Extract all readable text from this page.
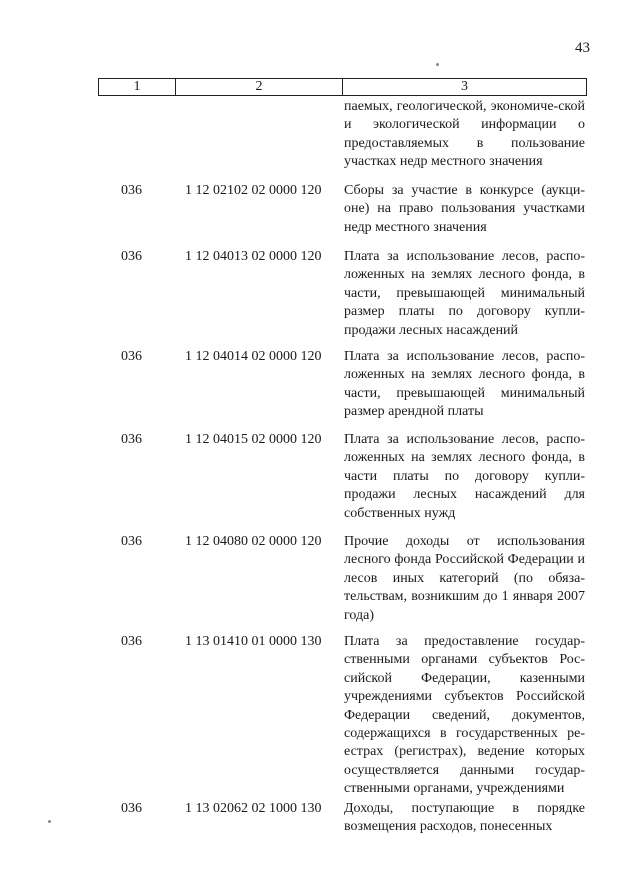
43
1	2	3
паемых, геологической, экономиче-ской и экологической информации о предоставляемых в пользование участках недр местного значения
036	1 12 02102 02 0000 120 Сборы за участие в конкурсе (аукци-оне) на право пользования участками недр местного значения
036	1 12 04013 02 0000 120 Плата за использование лесов, распо-ложенных на землях лесного фонда, в части, превышающей минимальный размер платы по договору купли-продажи лесных насаждений
036	1 12 04014 02 0000 120 Плата за использование лесов, распо-ложенных на землях лесного фонда, в части, превышающей минимальный размер арендной платы
036	1 12 04015 02 0000 120 Плата за использование лесов, распо-ложенных на землях лесного фонда, в части платы по договору купли-продажи лесных насаждений для собственных нужд
036	1 12 04080 02 0000 120 Прочие доходы от использования лесного фонда Российской Федерации и лесов иных категорий (по обяза-тельствам, возникшим до 1 января 2007 года)
036	1 13 01410 01 0000 130 Плата за предоставление государ-ственными органами субъектов Рос-сийской Федерации, казенными учреждениями субъектов Российской Федерации сведений, документов, содержащихся в государственных ре-естрах (регистрах), ведение которых осуществляется данными государ-ственными органами, учреждениями
036	1 13 02062 02 1000 130 Доходы, поступающие в порядке возмещения расходов, понесенных
